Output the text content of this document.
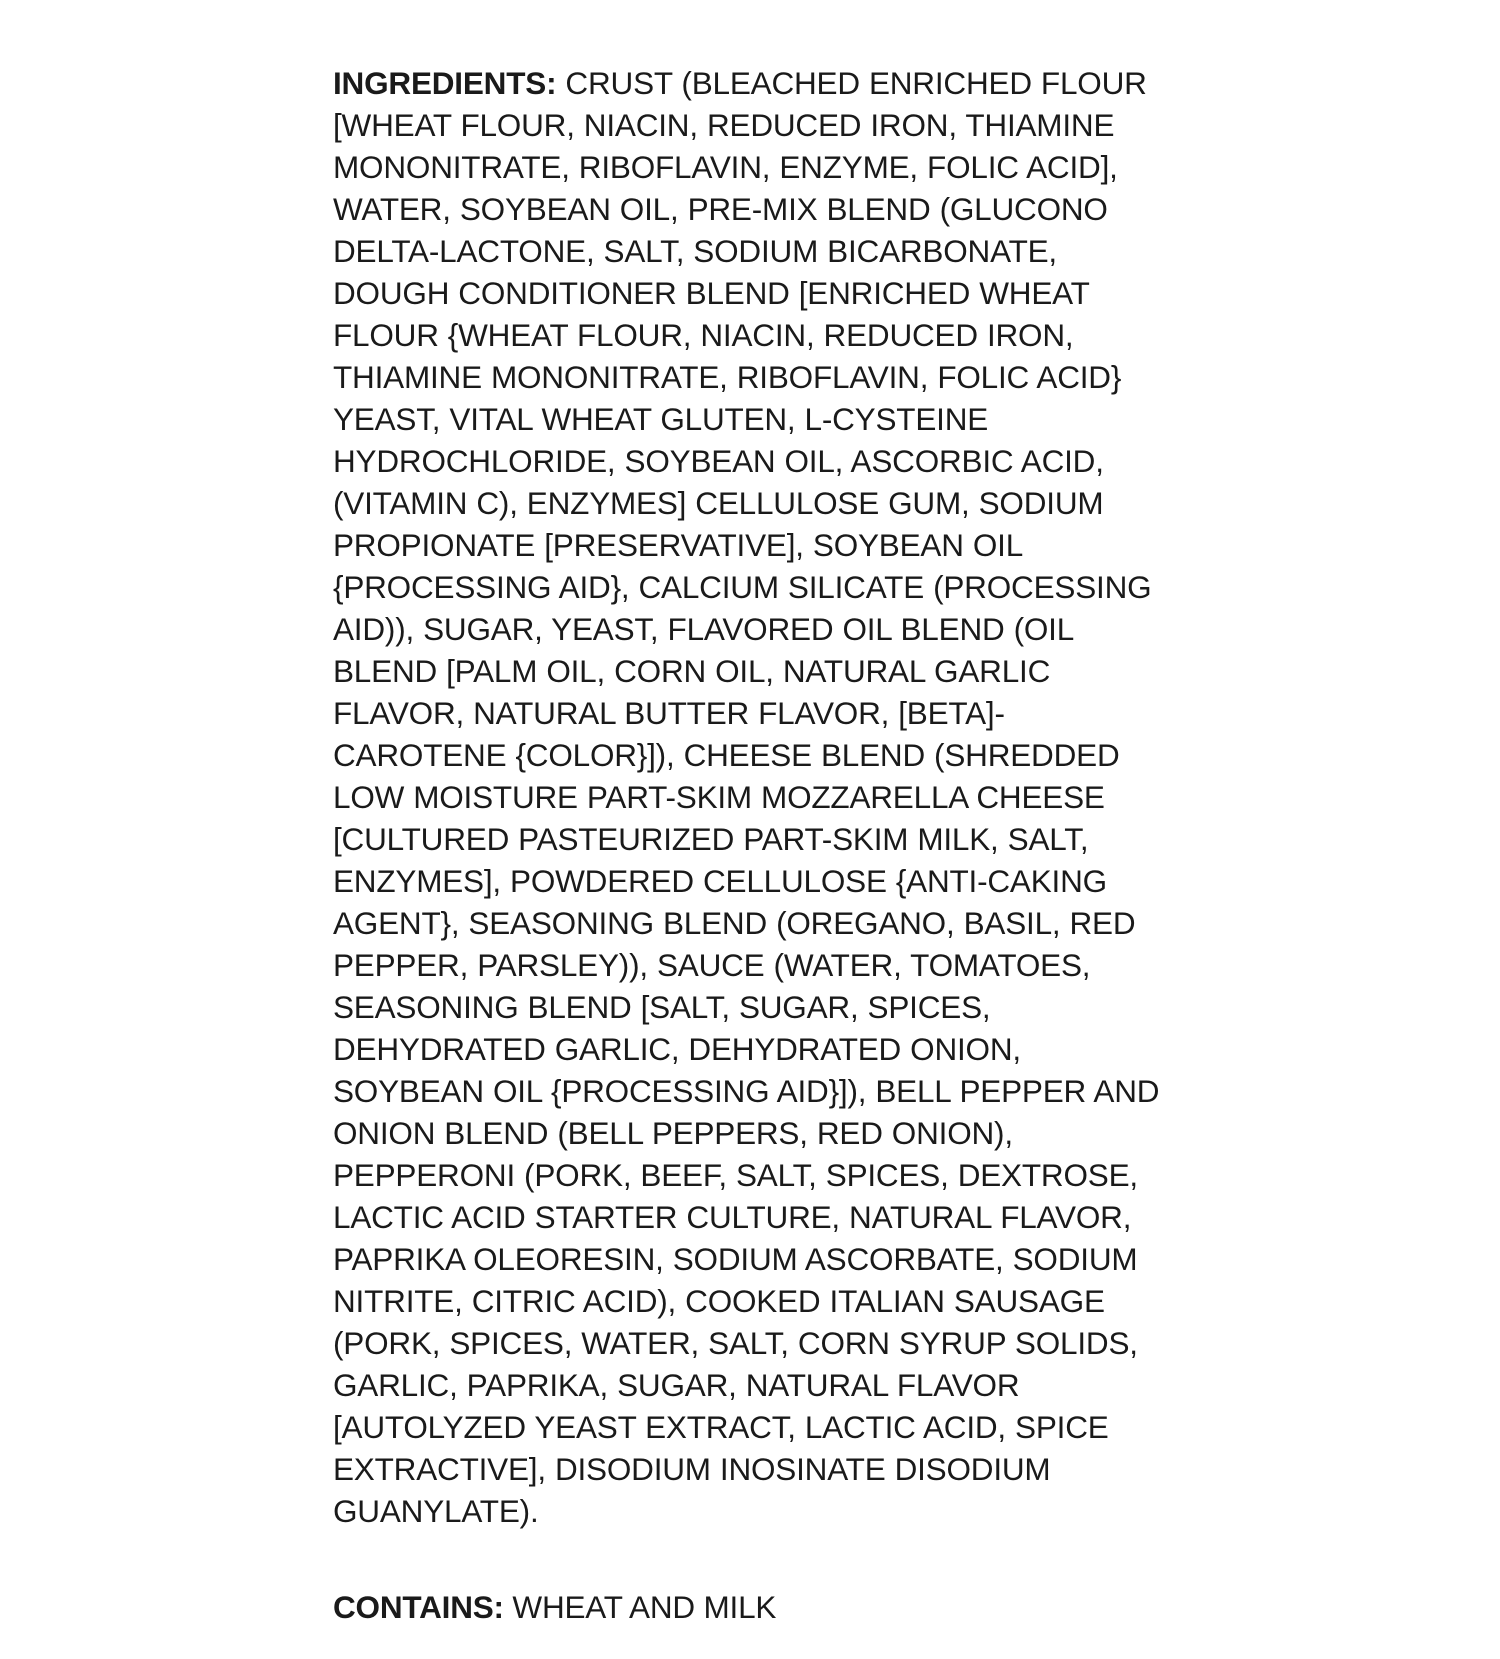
INGREDIENTS: CRUST (BLEACHED ENRICHED FLOUR [WHEAT FLOUR, NIACIN, REDUCED IRON, THIAMINE MONONITRATE, RIBOFLAVIN, ENZYME, FOLIC ACID], WATER, SOYBEAN OIL, PRE-MIX BLEND (GLUCONO DELTA-LACTONE, SALT, SODIUM BICARBONATE, DOUGH CONDITIONER BLEND [ENRICHED WHEAT FLOUR {WHEAT FLOUR, NIACIN, REDUCED IRON, THIAMINE MONONITRATE, RIBOFLAVIN, FOLIC ACID} YEAST, VITAL WHEAT GLUTEN, L-CYSTEINE HYDROCHLORIDE, SOYBEAN OIL, ASCORBIC ACID, (VITAMIN C), ENZYMES] CELLULOSE GUM, SODIUM PROPIONATE [PRESERVATIVE], SOYBEAN OIL {PROCESSING AID}, CALCIUM SILICATE (PROCESSING AID)), SUGAR, YEAST, FLAVORED OIL BLEND (OIL BLEND [PALM OIL, CORN OIL, NATURAL GARLIC FLAVOR, NATURAL BUTTER FLAVOR, [BETA]-CAROTENE {COLOR}]), CHEESE BLEND (SHREDDED LOW MOISTURE PART-SKIM MOZZARELLA CHEESE [CULTURED PASTEURIZED PART-SKIM MILK, SALT, ENZYMES], POWDERED CELLULOSE {ANTI-CAKING AGENT}, SEASONING BLEND (OREGANO, BASIL, RED PEPPER, PARSLEY)), SAUCE (WATER, TOMATOES, SEASONING BLEND [SALT, SUGAR, SPICES, DEHYDRATED GARLIC, DEHYDRATED ONION, SOYBEAN OIL {PROCESSING AID}]), BELL PEPPER AND ONION BLEND (BELL PEPPERS, RED ONION), PEPPERONI (PORK, BEEF, SALT, SPICES, DEXTROSE, LACTIC ACID STARTER CULTURE, NATURAL FLAVOR, PAPRIKA OLEORESIN, SODIUM ASCORBATE, SODIUM NITRITE, CITRIC ACID), COOKED ITALIAN SAUSAGE (PORK, SPICES, WATER, SALT, CORN SYRUP SOLIDS, GARLIC, PAPRIKA, SUGAR, NATURAL FLAVOR [AUTOLYZED YEAST EXTRACT, LACTIC ACID, SPICE EXTRACTIVE], DISODIUM INOSINATE DISODIUM GUANYLATE).

CONTAINS: WHEAT AND MILK
